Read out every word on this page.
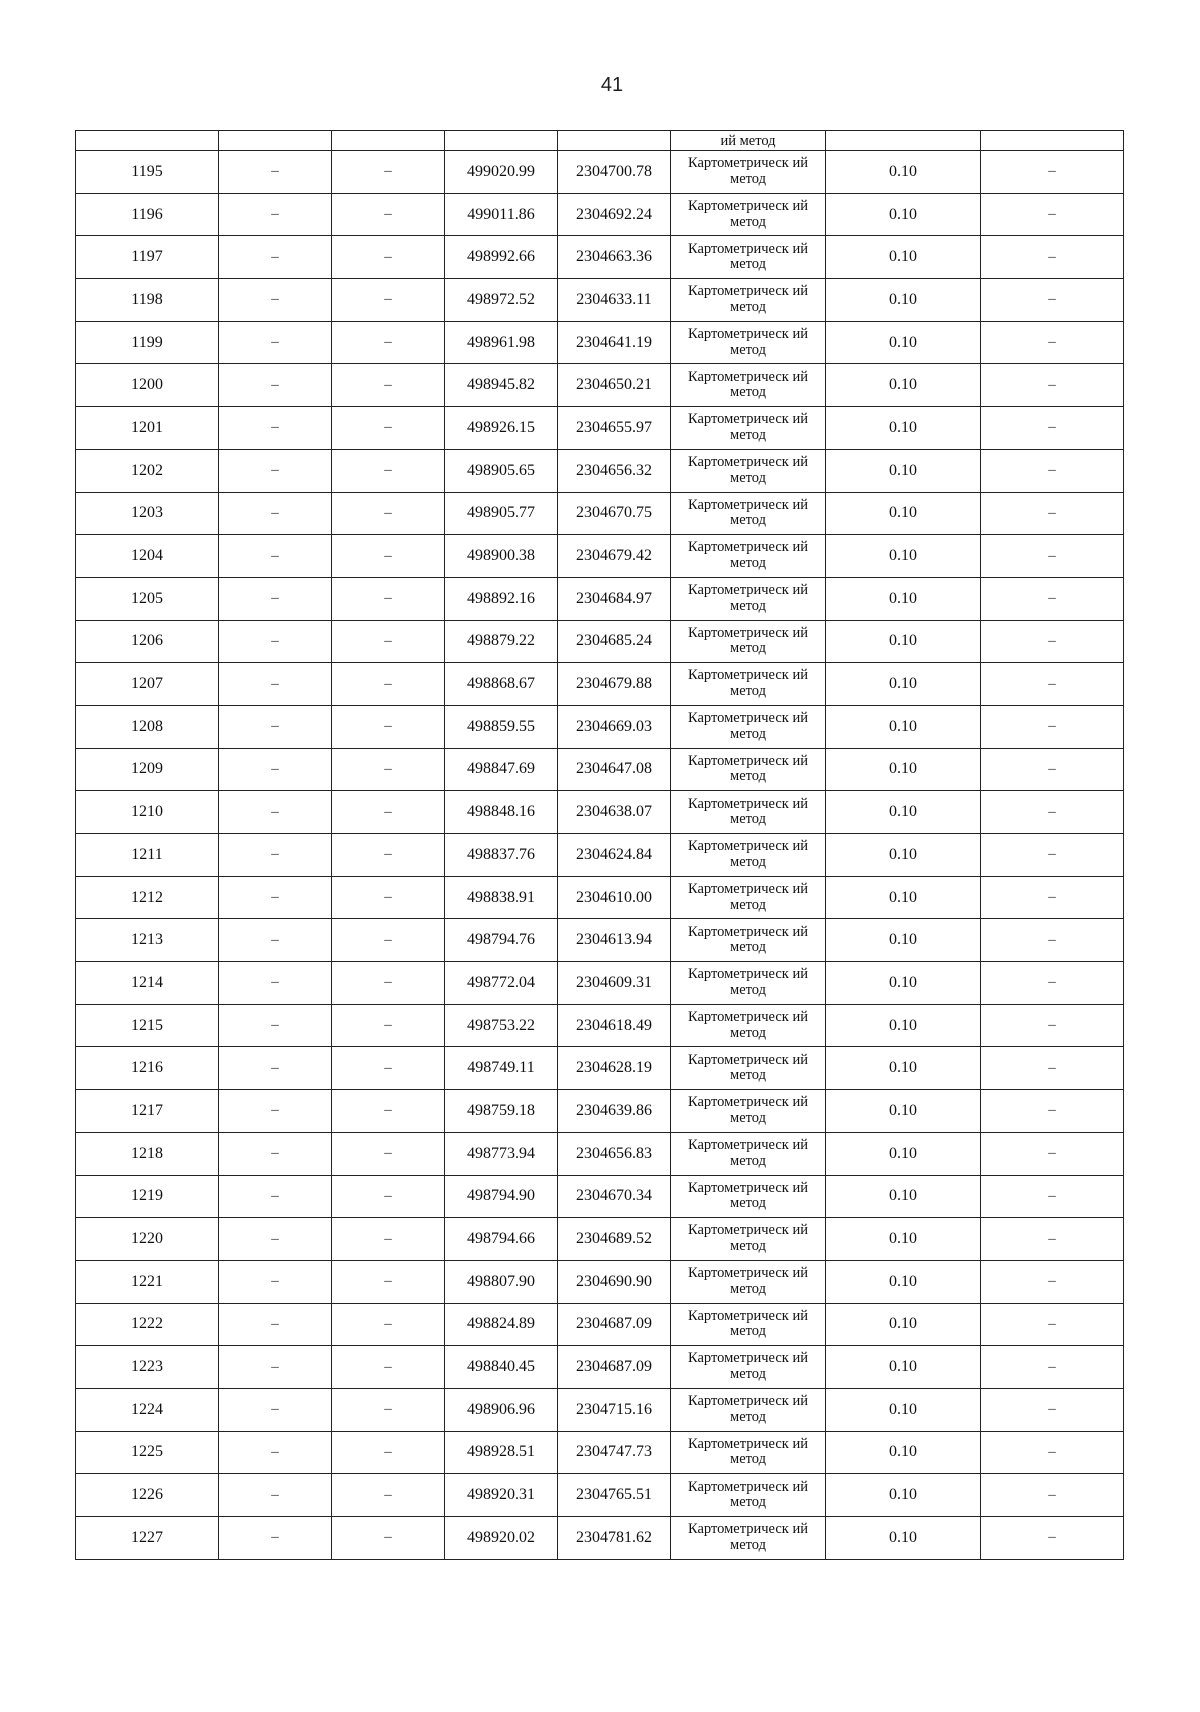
41
					ий метод		
1195	–	–	499020.99	2304700.78	Картометрическ ий метод	0.10	–
1196	–	–	499011.86	2304692.24	Картометрическ ий метод	0.10	–
1197	–	–	498992.66	2304663.36	Картометрическ ий метод	0.10	–
1198	–	–	498972.52	2304633.11	Картометрическ ий метод	0.10	–
1199	–	–	498961.98	2304641.19	Картометрическ ий метод	0.10	–
1200	–	–	498945.82	2304650.21	Картометрическ ий метод	0.10	–
1201	–	–	498926.15	2304655.97	Картометрическ ий метод	0.10	–
1202	–	–	498905.65	2304656.32	Картометрическ ий метод	0.10	–
1203	–	–	498905.77	2304670.75	Картометрическ ий метод	0.10	–
1204	–	–	498900.38	2304679.42	Картометрическ ий метод	0.10	–
1205	–	–	498892.16	2304684.97	Картометрическ ий метод	0.10	–
1206	–	–	498879.22	2304685.24	Картометрическ ий метод	0.10	–
1207	–	–	498868.67	2304679.88	Картометрическ ий метод	0.10	–
1208	–	–	498859.55	2304669.03	Картометрическ ий метод	0.10	–
1209	–	–	498847.69	2304647.08	Картометрическ ий метод	0.10	–
1210	–	–	498848.16	2304638.07	Картометрическ ий метод	0.10	–
1211	–	–	498837.76	2304624.84	Картометрическ ий метод	0.10	–
1212	–	–	498838.91	2304610.00	Картометрическ ий метод	0.10	–
1213	–	–	498794.76	2304613.94	Картометрическ ий метод	0.10	–
1214	–	–	498772.04	2304609.31	Картометрическ ий метод	0.10	–
1215	–	–	498753.22	2304618.49	Картометрическ ий метод	0.10	–
1216	–	–	498749.11	2304628.19	Картометрическ ий метод	0.10	–
1217	–	–	498759.18	2304639.86	Картометрическ ий метод	0.10	–
1218	–	–	498773.94	2304656.83	Картометрическ ий метод	0.10	–
1219	–	–	498794.90	2304670.34	Картометрическ ий метод	0.10	–
1220	–	–	498794.66	2304689.52	Картометрическ ий метод	0.10	–
1221	–	–	498807.90	2304690.90	Картометрическ ий метод	0.10	–
1222	–	–	498824.89	2304687.09	Картометрическ ий метод	0.10	–
1223	–	–	498840.45	2304687.09	Картометрическ ий метод	0.10	–
1224	–	–	498906.96	2304715.16	Картометрическ ий метод	0.10	–
1225	–	–	498928.51	2304747.73	Картометрическ ий метод	0.10	–
1226	–	–	498920.31	2304765.51	Картометрическ ий метод	0.10	–
1227	–	–	498920.02	2304781.62	Картометрическ ий метод	0.10	–
